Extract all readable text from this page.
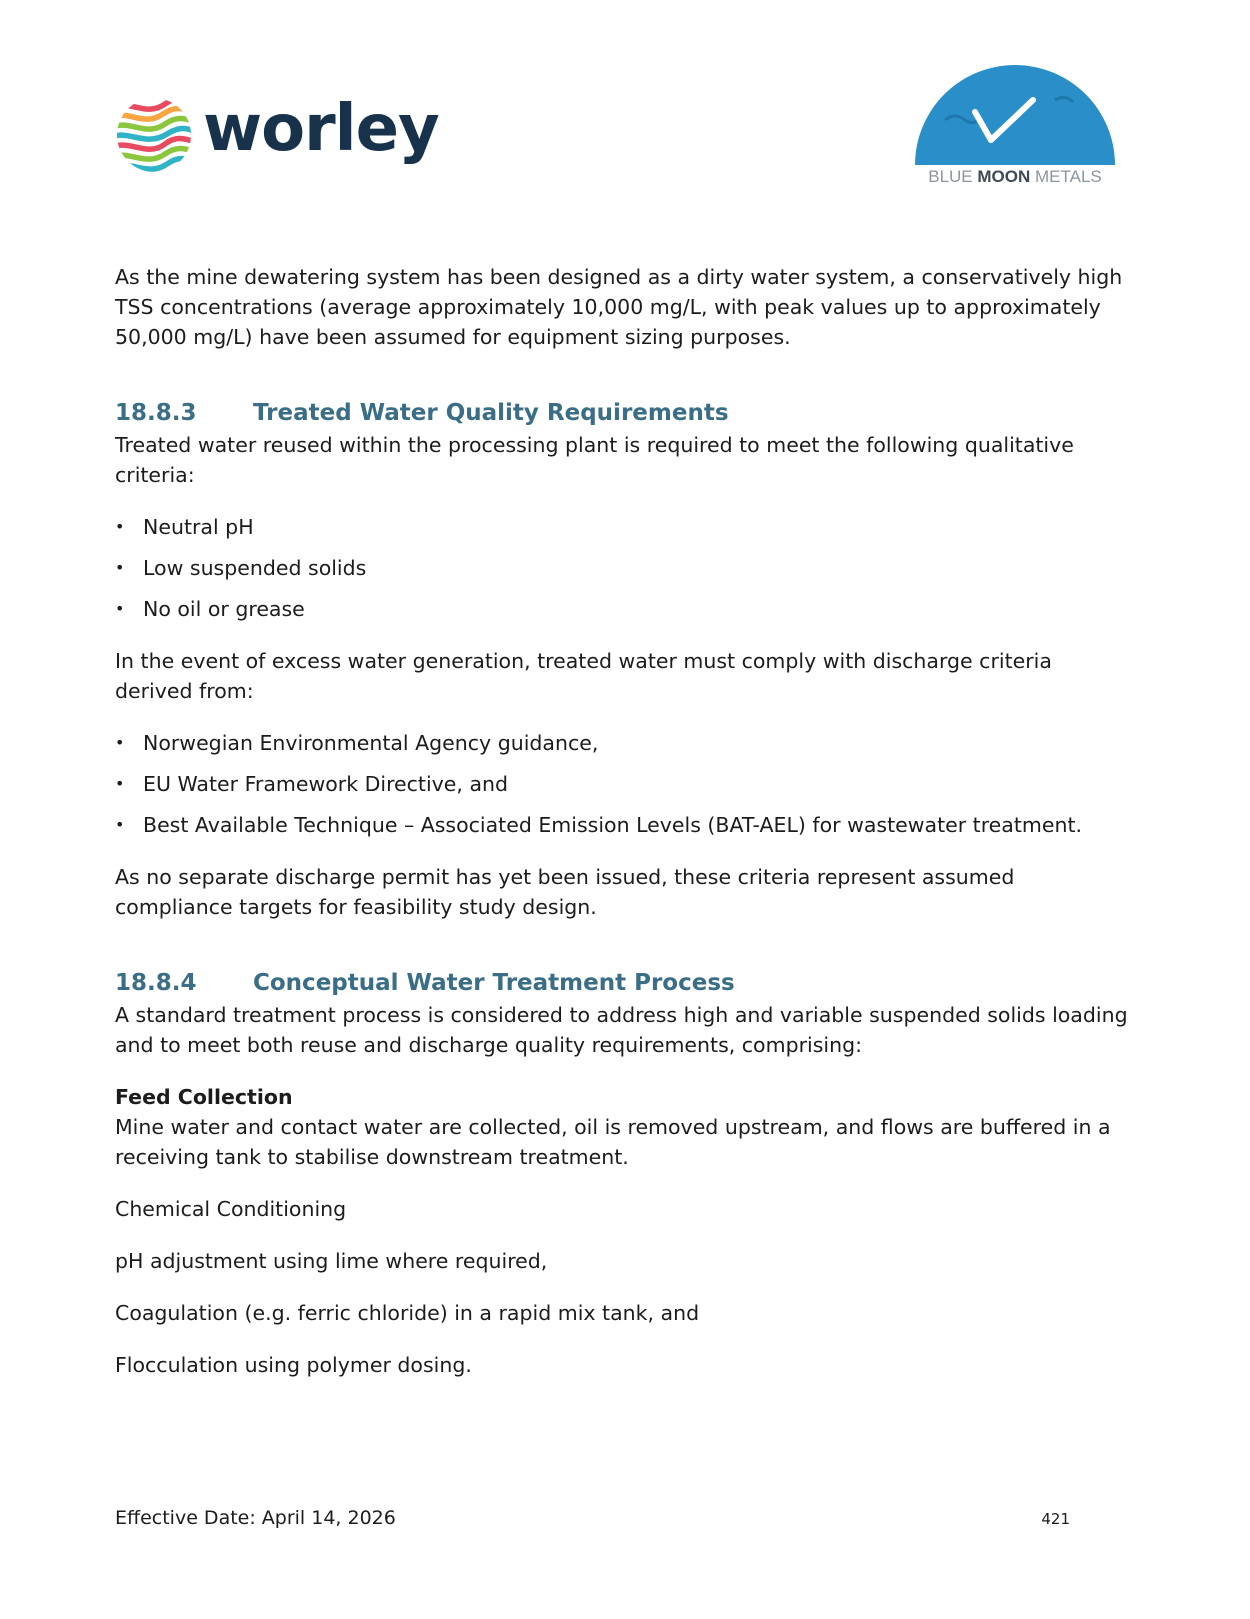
worley
BLUE MOON METALS

As the mine dewatering system has been designed as a dirty water system, a conservatively high TSS concentrations (average approximately 10,000 mg/L, with peak values up to approximately 50,000 mg/L) have been assumed for equipment sizing purposes.

18.8.3	Treated Water Quality Requirements

Treated water reused within the processing plant is required to meet the following qualitative criteria:

• Neutral pH
• Low suspended solids
• No oil or grease

In the event of excess water generation, treated water must comply with discharge criteria derived from:

• Norwegian Environmental Agency guidance,
• EU Water Framework Directive, and
• Best Available Technique – Associated Emission Levels (BAT-AEL) for wastewater treatment.

As no separate discharge permit has yet been issued, these criteria represent assumed compliance targets for feasibility study design.

18.8.4	Conceptual Water Treatment Process

A standard treatment process is considered to address high and variable suspended solids loading and to meet both reuse and discharge quality requirements, comprising:

Feed Collection

Mine water and contact water are collected, oil is removed upstream, and flows are buffered in a receiving tank to stabilise downstream treatment.

Chemical Conditioning

pH adjustment using lime where required,

Coagulation (e.g. ferric chloride) in a rapid mix tank, and

Flocculation using polymer dosing.

Effective Date: April 14, 2026	421
